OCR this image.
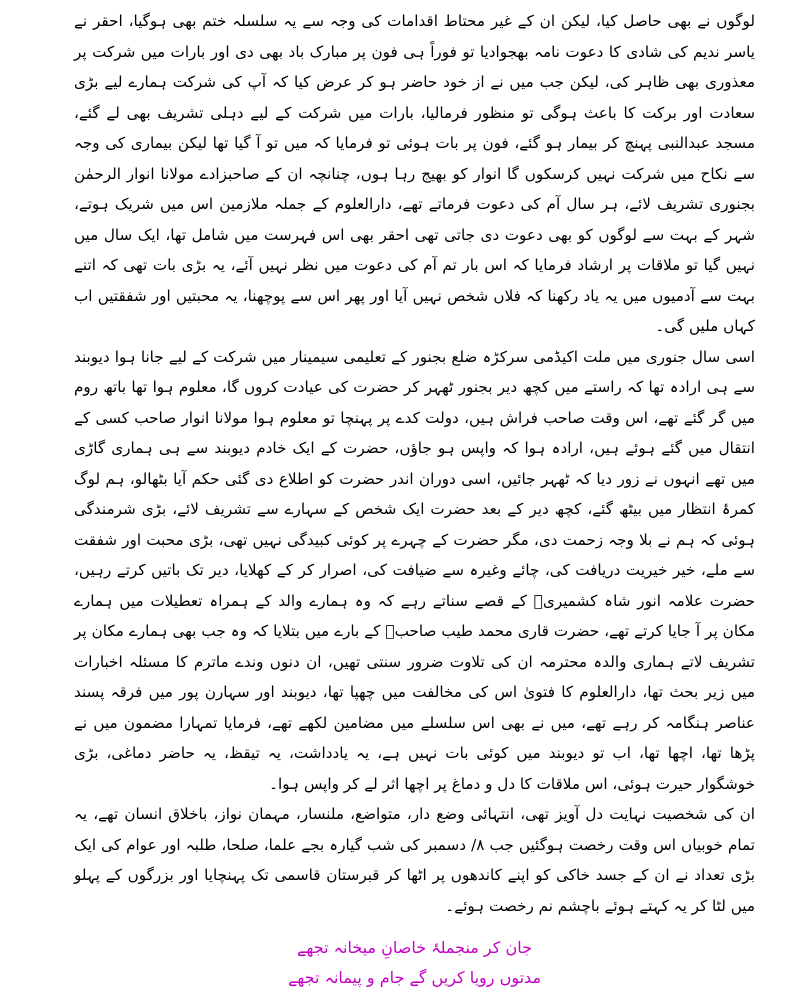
لوگوں نے بھی حاصل کیا، لیکن ان کے غیر محتاط اقدامات کی وجہ سے یہ سلسلہ ختم بھی ہوگیا، احقر نے یاسر ندیم کی شادی کا دعوت نامہ بھجوادیا تو فوراً ہی فون پر مبارک باد بھی دی اور بارات میں شرکت پر معذوری بھی ظاہر کی، لیکن جب میں نے از خود حاضر ہو کر عرض کیا کہ آپ کی شرکت ہمارے لیے بڑی سعادت اور برکت کا باعث ہوگی تو منظور فرمالیا، بارات میں شرکت کے لیے دہلی تشریف بھی لے گئے، مسجد عبدالنبی پہنچ کر بیمار ہو گئے، فون پر بات ہوئی تو فرمایا کہ میں تو آ گیا تھا لیکن بیماری کی وجہ سے نکاح میں شرکت نہیں کرسکوں گا انوار کو بھیج رہا ہوں، چنانچہ ان کے صاحبزادے مولانا انوار الرحمٰن بجنوری تشریف لائے، ہر سال آم کی دعوت فرماتے تھے، دارالعلوم کے جملہ ملازمین اس میں شریک ہوتے، شہر کے بہت سے لوگوں کو بھی دعوت دی جاتی تھی احقر بھی اس فہرست میں شامل تھا، ایک سال میں نہیں گیا تو ملاقات پر ارشاد فرمایا کہ اس بار تم آم کی دعوت میں نظر نہیں آئے، یہ بڑی بات تھی کہ اتنے بہت سے آدمیوں میں یہ یاد رکھنا کہ فلاں شخص نہیں آیا اور پھر اس سے پوچھنا، یہ محبتیں اور شفقتیں اب کہاں ملیں گی۔

اسی سال جنوری میں ملت اکیڈمی سرکڑہ ضلع بجنور کے تعلیمی سیمینار میں شرکت کے لیے جانا ہوا دیوبند سے ہی ارادہ تھا کہ راستے میں کچھ دیر بجنور ٹھہر کر حضرت کی عیادت کروں گا، معلوم ہوا تھا باتھ روم میں گر گئے تھے، اس وقت صاحب فراش ہیں، دولت کدے پر پہنچا تو معلوم ہوا مولانا انوار صاحب کسی کے انتقال میں گئے ہوئے ہیں، ارادہ ہوا کہ واپس ہو جاؤں، حضرت کے ایک خادم دیوبند سے ہی ہماری گاڑی میں تھے انہوں نے زور دیا کہ ٹھہر جائیں، اسی دوران اندر حضرت کو اطلاع دی گئی حکم آیا بٹھالو، ہم لوگ کمرۂ انتظار میں بیٹھ گئے، کچھ دیر کے بعد حضرت ایک شخص کے سہارے سے تشریف لائے، بڑی شرمندگی ہوئی کہ ہم نے بلا وجہ زحمت دی، مگر حضرت کے چہرے پر کوئی کبیدگی نہیں تھی، بڑی محبت اور شفقت سے ملے، خیر خیریت دریافت کی، چائے وغیرہ سے ضیافت کی، اصرار کر کے کھلایا، دیر تک باتیں کرتے رہیں، حضرت علامہ انور شاہ کشمیریؒ کے قصے سناتے رہے کہ وہ ہمارے والد کے ہمراہ تعطیلات میں ہمارے مکان پر آ جایا کرتے تھے، حضرت قاری محمد طیب صاحبؒ کے بارے میں بتلایا کہ وہ جب بھی ہمارے مکان پر تشریف لاتے ہماری والدہ محترمہ ان کی تلاوت ضرور سنتی تھیں، ان دنوں وندے ماترم کا مسئلہ اخبارات میں زیر بحث تھا، دارالعلوم کا فتویٰ اس کی مخالفت میں چھپا تھا، دیوبند اور سہارن پور میں فرقہ پسند عناصر ہنگامہ کر رہے تھے، میں نے بھی اس سلسلے میں مضامین لکھے تھے، فرمایا تمہارا مضمون میں نے پڑھا تھا، اچھا تھا، اب تو دیوبند میں کوئی بات نہیں ہے، یہ یادداشت، یہ تیقظ، یہ حاضر دماغی، بڑی خوشگوار حیرت ہوئی، اس ملاقات کا دل و دماغ پر اچھا اثر لے کر واپس ہوا۔

ان کی شخصیت نہایت دل آویز تھی، انتہائی وضع دار، متواضع، ملنسار، مہمان نواز، باخلاق انسان تھے، یہ تمام خوبیاں اس وقت رخصت ہوگئیں جب ۸/ دسمبر کی شب گیارہ بجے علما، صلحا، طلبہ اور عوام کی ایک بڑی تعداد نے ان کے جسد خاکی کو اپنے کاندھوں پر اٹھا کر قبرستان قاسمی تک پہنچایا اور بزرگوں کے پہلو میں لٹا کر یہ کہتے ہوئے باچشم نم رخصت ہوئے۔

جان کر منجملۂ خاصانِ میخانہ تجھے
مدتوں رویا کریں گے جام و پیمانہ تجھے
